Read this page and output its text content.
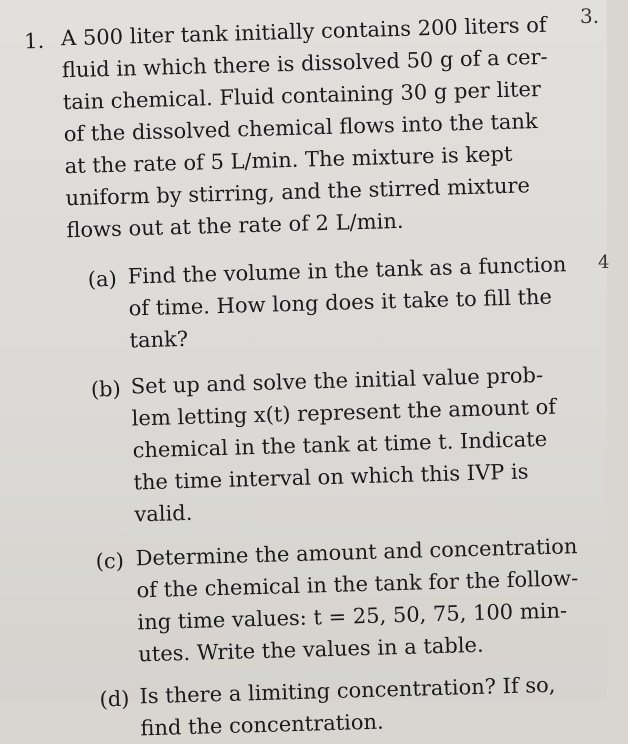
3.
4
1. A 500 liter tank initially contains 200 liters of
fluid in which there is dissolved 50 g of a cer-
tain chemical. Fluid containing 30 g per liter
of the dissolved chemical flows into the tank
at the rate of 5 L/min. The mixture is kept
uniform by stirring, and the stirred mixture
flows out at the rate of 2 L/min.
(a) Find the volume in the tank as a function
of time. How long does it take to fill the
tank?
(b) Set up and solve the initial value prob-
lem letting x(t) represent the amount of
chemical in the tank at time t. Indicate
the time interval on which this IVP is
valid.
(c) Determine the amount and concentration
of the chemical in the tank for the follow-
ing time values: t = 25, 50, 75, 100 min-
utes. Write the values in a table.
(d) Is there a limiting concentration? If so,
find the concentration.
